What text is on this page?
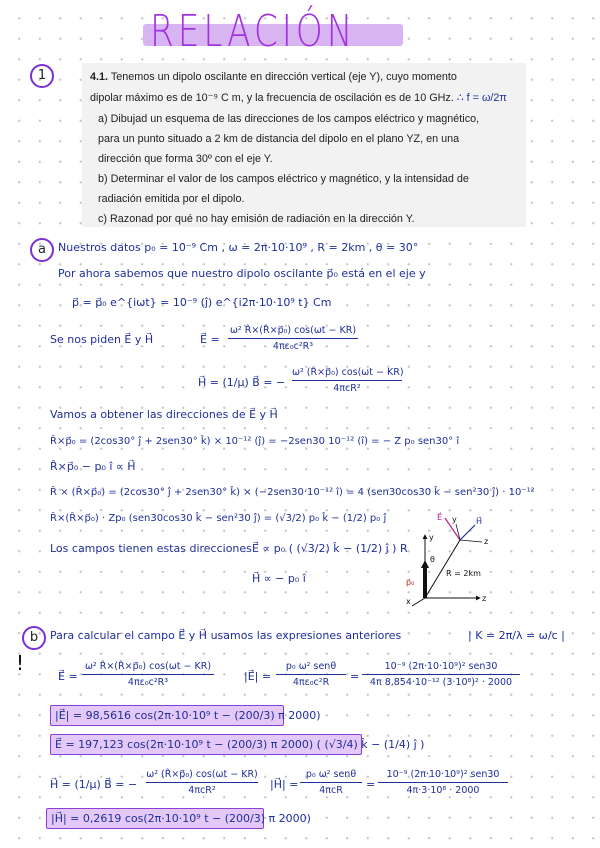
RELACIÓN
1	4.1. Tenemos un dipolo oscilante en dirección vertical (eje Y), cuyo momento

dipolar máximo es de 10⁻⁹ C m, y la frecuencia de oscilación es de 10 GHz. ∴ f = ω/2π

a) Dibujad un esquema de las direcciones de los campos eléctrico y magnético,

para un punto situado a 2 km de distancia del dipolo en el plano YZ, en una

dirección que forma 30º con el eje Y.

b) Determinar el valor de los campos eléctrico y magnético, y la intensidad de

radiación emitida por el dipolo.

c) Razonad por qué no hay emisión de radiación en la dirección Y.

a	Nuestros datos p₀ = 10⁻⁹ Cm , ω = 2π·10·10⁹ , R = 2km , θ = 30°
Por ahora sabemos que nuestro dipolo oscilante p⃗₀ está en el eje y
p⃗ = p⃗₀ e^{iωt} = 10⁻⁹ (ĵ) e^{i2π·10·10⁹ t} Cm
Se nos piden E⃗ y H⃗	E⃗ =
ω² R̂×(R̂×p⃗₀) cos(ωt − KR)
4πε₀c²R³
H⃗ = (1/μ) B⃗ = −
ω² (R̂×p⃗₀) cos(ωt − KR)
4πcR²
Vamos a obtener las direcciones de E⃗ y H⃗
R̂×p⃗₀ = (2cos30° ĵ + 2sen30° k̂) × 10⁻¹² (ĵ) = −2sen30 10⁻¹² (î) = − Z p₀ sen30° î
R̂×p⃗₀ − p₀ î ∝ H⃗
R̂ × (R̂×p⃗₀) = (2cos30° ĵ + 2sen30° k̂) × (−2sen30·10⁻¹² î) = 4 (sen30cos30 k̂ − sen²30 ĵ) · 10⁻¹²
R̂×(R̂×p⃗₀) · Zp₀ (sen30cos30 k̂ − sen²30 ĵ) = (√3/2) p₀ k̂ − (1/2) p₀ ĵ
Los campos tienen estas direcciones E⃗ ∝ p₀ ( (√3/2) k̂ − (1/2) ĵ ) R
H⃗ ∝ − p₀ î
E⃗ y H⃗
z
y
θ
p⃗₀
R = 2km
x	z
b
!
Para calcular el campo E⃗ y H⃗ usamos las expresiones anteriores	| K = 2π/λ = ω/c |
E⃗ =
ω² R̂×(R̂×p⃗₀) cos(ωt − KR)
4πε₀c²R³	|E⃗| =
p₀ ω² senθ
4πε₀c²R	=
10⁻⁹ (2π·10·10⁹)² sen30
4π 8,854·10⁻¹² (3·10⁸)² · 2000
|E⃗| = 98,5616 cos(2π·10·10⁹ t − (200/3) π 2000)
E⃗ = 197,123 cos(2π·10·10⁹ t − (200/3) π 2000) ( (√3/4) k̂ − (1/4) ĵ )
H⃗ = (1/μ) B⃗ = −
ω² (R̂×p⃗₀) cos(ωt − KR)
4πcR²	|H⃗| =
p₀ ω² senθ
4πcR	=
10⁻⁹ (2π·10·10⁹)² sen30
4π·3·10⁸ · 2000
|H⃗| = 0,2619 cos(2π·10·10⁹ t − (200/3) π 2000)
